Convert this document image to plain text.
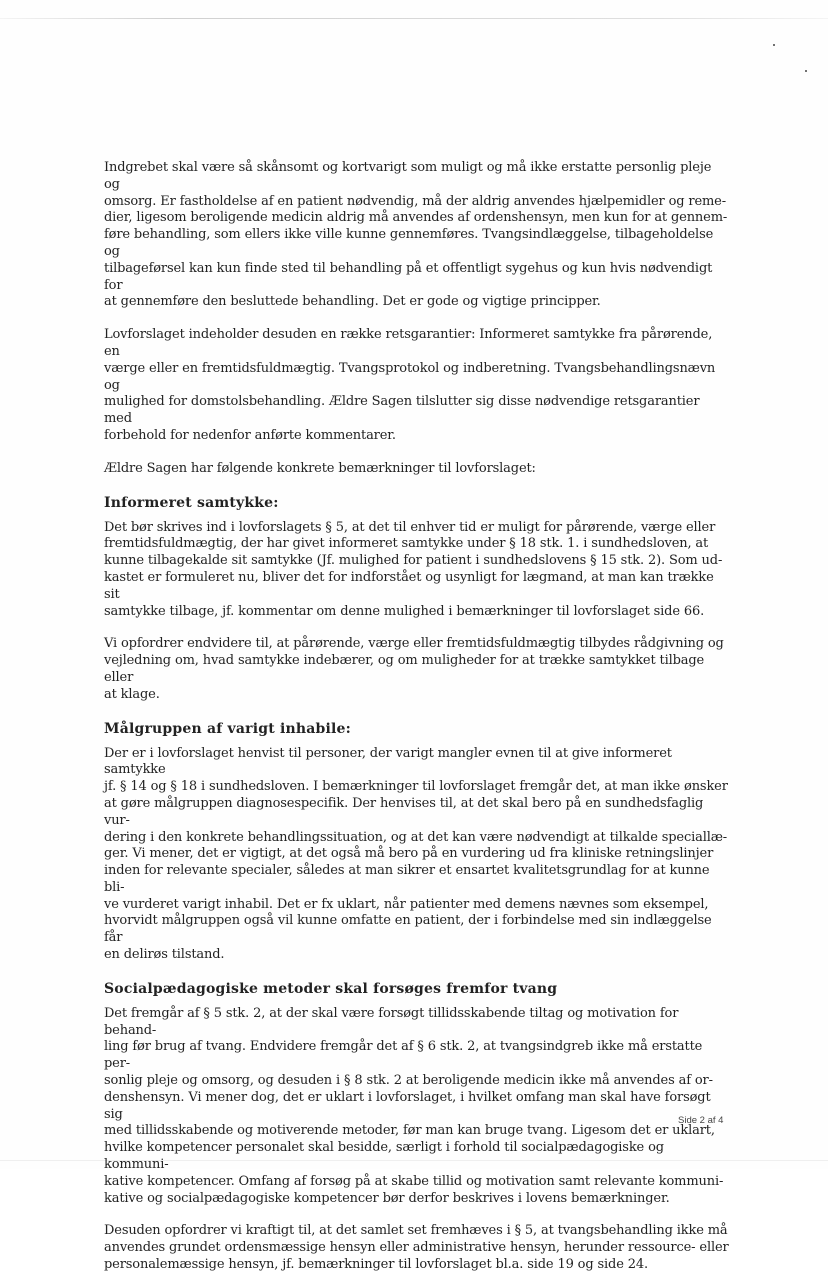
Indgrebet skal være så skånsomt og kortvarigt som muligt og må ikke erstatte personlig pleje og
omsorg. Er fastholdelse af en patient nødvendig, må der aldrig anvendes hjælpemidler og reme-
dier, ligesom beroligende medicin aldrig må anvendes af ordenshensyn, men kun for at gennem-
føre behandling, som ellers ikke ville kunne gennemføres. Tvangsindlæggelse, tilbageholdelse og
tilbageførsel kan kun finde sted til behandling på et offentligt sygehus og kun hvis nødvendigt for
at gennemføre den besluttede behandling. Det er gode og vigtige principper.
Lovforslaget indeholder desuden en række retsgarantier: Informeret samtykke fra pårørende, en
værge eller en fremtidsfuldmægtig. Tvangsprotokol og indberetning. Tvangsbehandlingsnævn og
mulighed for domstolsbehandling. Ældre Sagen tilslutter sig disse nødvendige retsgarantier med
forbehold for nedenfor anførte kommentarer.
Ældre Sagen har følgende konkrete bemærkninger til lovforslaget:
Informeret samtykke:
Det bør skrives ind i lovforslagets § 5, at det til enhver tid er muligt for pårørende, værge eller
fremtidsfuldmægtig, der har givet informeret samtykke under § 18 stk. 1. i sundhedsloven, at
kunne tilbagekalde sit samtykke (Jf. mulighed for patient i sundhedslovens § 15 stk. 2). Som ud-
kastet er formuleret nu, bliver det for indforstået og usynligt for lægmand, at man kan trække sit
samtykke tilbage, jf. kommentar om denne mulighed i bemærkninger til lovforslaget side 66.
Vi opfordrer endvidere til, at pårørende, værge eller fremtidsfuldmægtig tilbydes rådgivning og
vejledning om, hvad samtykke indebærer, og om muligheder for at trække samtykket tilbage eller
at klage.
Målgruppen af varigt inhabile:
Der er i lovforslaget henvist til personer, der varigt mangler evnen til at give informeret samtykke
jf. § 14 og § 18 i sundhedsloven. I bemærkninger til lovforslaget fremgår det, at man ikke ønsker
at gøre målgruppen diagnosespecifik. Der henvises til, at det skal bero på en sundhedsfaglig vur-
dering i den konkrete behandlingssituation, og at det kan være nødvendigt at tilkalde speciallæ-
ger. Vi mener, det er vigtigt, at det også må bero på en vurdering ud fra kliniske retningslinjer
inden for relevante specialer, således at man sikrer et ensartet kvalitetsgrundlag for at kunne bli-
ve vurderet varigt inhabil. Det er fx uklart, når patienter med demens nævnes som eksempel,
hvorvidt målgruppen også vil kunne omfatte en patient, der i forbindelse med sin indlæggelse får
en delirøs tilstand.
Socialpædagogiske metoder skal forsøges fremfor tvang
Det fremgår af § 5 stk. 2, at der skal være forsøgt tillidsskabende tiltag og motivation for behand-
ling før brug af tvang. Endvidere fremgår det af § 6 stk. 2, at tvangsindgreb ikke må erstatte per-
sonlig pleje og omsorg, og desuden i § 8 stk. 2 at beroligende medicin ikke må anvendes af or-
denshensyn. Vi mener dog, det er uklart i lovforslaget, i hvilket omfang man skal have forsøgt sig
med tillidsskabende og motiverende metoder, før man kan bruge tvang. Ligesom det er uklart,
hvilke kompetencer personalet skal besidde, særligt i forhold til socialpædagogiske og kommuni-
kative kompetencer. Omfang af forsøg på at skabe tillid og motivation samt relevante kommuni-
kative og socialpædagogiske kompetencer bør derfor beskrives i lovens bemærkninger.
Desuden opfordrer vi kraftigt til, at det samlet set fremhæves i § 5, at tvangsbehandling ikke må
anvendes grundet ordensmæssige hensyn eller administrative hensyn, herunder ressource- eller
personalemæssige hensyn, jf. bemærkninger til lovforslaget bl.a. side 19 og side 24.
Side 2 af 4
